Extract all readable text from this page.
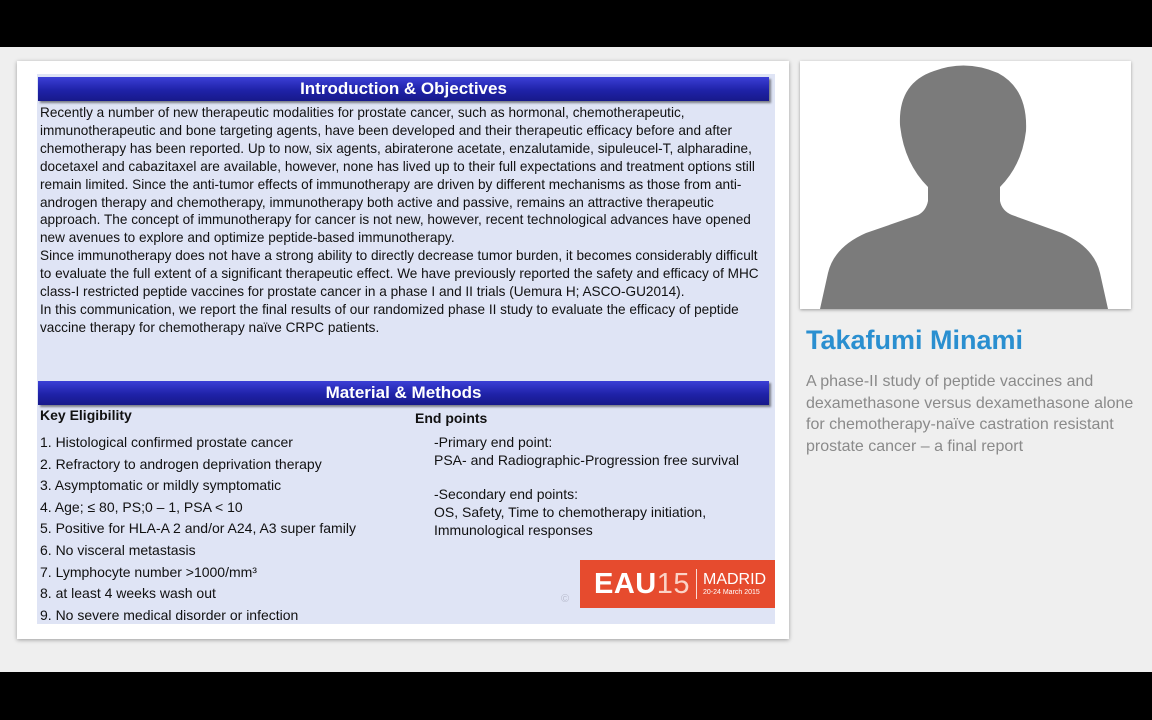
Introduction & Objectives

Recently a number of new therapeutic modalities for prostate cancer, such as hormonal, chemotherapeutic, immunotherapeutic and bone targeting agents, have been developed and their therapeutic efficacy before and after chemotherapy has been reported. Up to now, six agents, abiraterone acetate, enzalutamide, sipuleucel-T, alpharadine, docetaxel and cabazitaxel are available, however, none has lived up to their full expectations and treatment options still remain limited. Since the anti-tumor effects of immunotherapy are driven by different mechanisms as those from anti-androgen therapy and chemotherapy, immunotherapy both active and passive, remains an attractive therapeutic approach. The concept of immunotherapy for cancer is not new, however, recent technological advances have opened new avenues to explore and optimize peptide-based immunotherapy.

Since immunotherapy does not have a strong ability to directly decrease tumor burden, it becomes considerably difficult to evaluate the full extent of a significant therapeutic effect. We have previously reported the safety and efficacy of MHC class-I restricted peptide vaccines for prostate cancer in a phase I and II trials (Uemura H; ASCO-GU2014).

In this communication, we report the final results of our randomized phase II study to evaluate the efficacy of peptide vaccine therapy for chemotherapy naïve CRPC patients.

Material & Methods
Key Eligibility
1. Histological confirmed prostate cancer
2. Refractory to androgen deprivation therapy
3. Asymptomatic or mildly symptomatic
4. Age; ≤ 80, PS;0 – 1, PSA < 10
5. Positive for HLA-A 2 and/or A24, A3 super family
6. No visceral metastasis
7. Lymphocyte number >1000/mm³
8. at least 4 weeks wash out
9. No severe medical disorder or infection
End points
-Primary end point:
PSA- and Radiographic-Progression free survival
-Secondary end points:
OS, Safety, Time to chemotherapy initiation,
Immunological responses
© EAU15 MADRID
20-24 March 2015
Takafumi Minami
A phase-II study of peptide vaccines and dexamethasone versus dexamethasone alone for chemotherapy-naïve castration resistant prostate cancer – a final report
